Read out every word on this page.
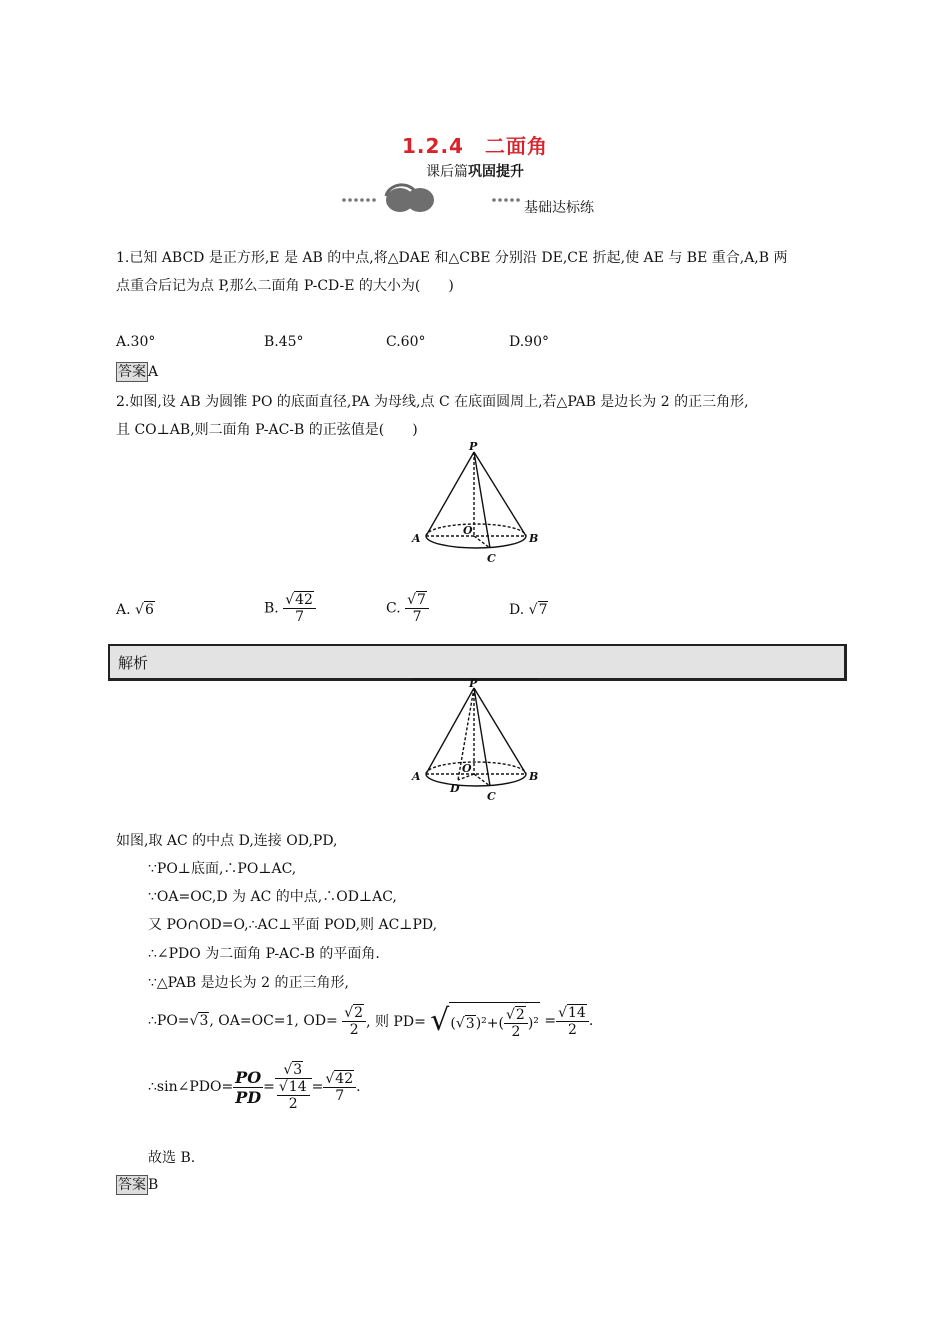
1.2.4　二面角
课后篇巩固提升
基础达标练
1.已知 ABCD 是正方形,E 是 AB 的中点,将△DAE 和△CBE 分别沿 DE,CE 折起,使 AE 与 BE 重合,A,B 两
点重合后记为点 P,那么二面角 P-CD-E 的大小为(　　)
A.30°	B.45°	C.60°	D.90°
答案 A
2.如图,设 AB 为圆锥 PO 的底面直径,PA 为母线,点 C 在底面圆周上,若△PAB 是边长为 2 的正三角形,
且 CO⊥AB,则二面角 P-AC-B 的正弦值是(　　)
P
A	B
O
C
A. √6	B. $\frac{√42}{7}$	C. $\frac{√7}{7}$	D. √7
解析
P
A	B
O
D
C
如图,取 AC 的中点 D,连接 OD,PD,
∵PO⊥底面,∴PO⊥AC,
∵OA=OC,D 为 AC 的中点,∴OD⊥AC,
又 PO∩OD=O,∴AC⊥平面 POD,则 AC⊥PD,
∴∠PDO 为二面角 P-AC-B 的平面角.
∵△PAB 是边长为 2 的正三角形,
∴PO=√3, OA=OC=1, $OD= \frac{√2}{2}$ , 则 $PD= √(√3)^2+( \frac{√2}{2} )^2 = \frac{√14}{2}$ .
∴sin∠PDO= $\frac{PO}{PD} = \frac{√3}{\frac{√14}{2}} = \frac{√42}{7}$ .
故选 B.
答案 B
